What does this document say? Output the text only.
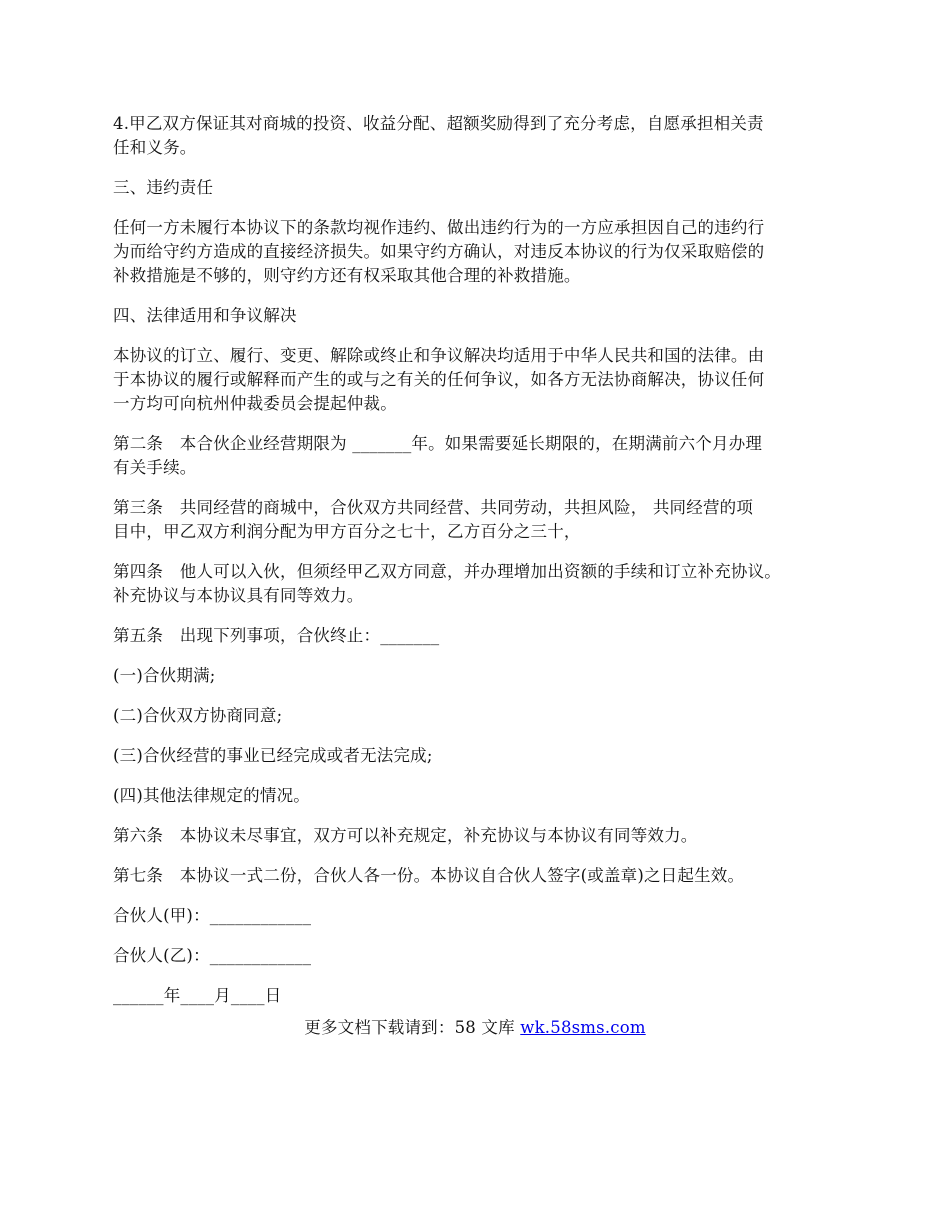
4.甲乙双方保证其对商城的投资、收益分配、超额奖励得到了充分考虑，自愿承担相关责
任和义务。

三、违约责任

任何一方未履行本协议下的条款均视作违约、做出违约行为的一方应承担因自己的违约行
为而给守约方造成的直接经济损失。如果守约方确认，对违反本协议的行为仅采取赔偿的
补救措施是不够的，则守约方还有权采取其他合理的补救措施。

四、法律适用和争议解决

本协议的订立、履行、变更、解除或终止和争议解决均适用于中华人民共和国的法律。由
于本协议的履行或解释而产生的或与之有关的任何争议，如各方无法协商解决，协议任何
一方均可向杭州仲裁委员会提起仲裁。

第二条　本合伙企业经营期限为 _______年。如果需要延长期限的，在期满前六个月办理
有关手续。

第三条　共同经营的商城中，合伙双方共同经营、共同劳动，共担风险， 共同经营的项
目中，甲乙双方利润分配为甲方百分之七十，乙方百分之三十，

第四条　他人可以入伙，但须经甲乙双方同意，并办理增加出资额的手续和订立补充协议。
补充协议与本协议具有同等效力。

第五条　出现下列事项，合伙终止：_______

(一)合伙期满;

(二)合伙双方协商同意;

(三)合伙经营的事业已经完成或者无法完成;

(四)其他法律规定的情况。

第六条　本协议未尽事宜，双方可以补充规定，补充协议与本协议有同等效力。

第七条　本协议一式二份，合伙人各一份。本协议自合伙人签字(或盖章)之日起生效。

合伙人(甲)：____________

合伙人(乙)：____________

______年____月____日

更多文档下载请到：58 文库 wk.58sms.com
